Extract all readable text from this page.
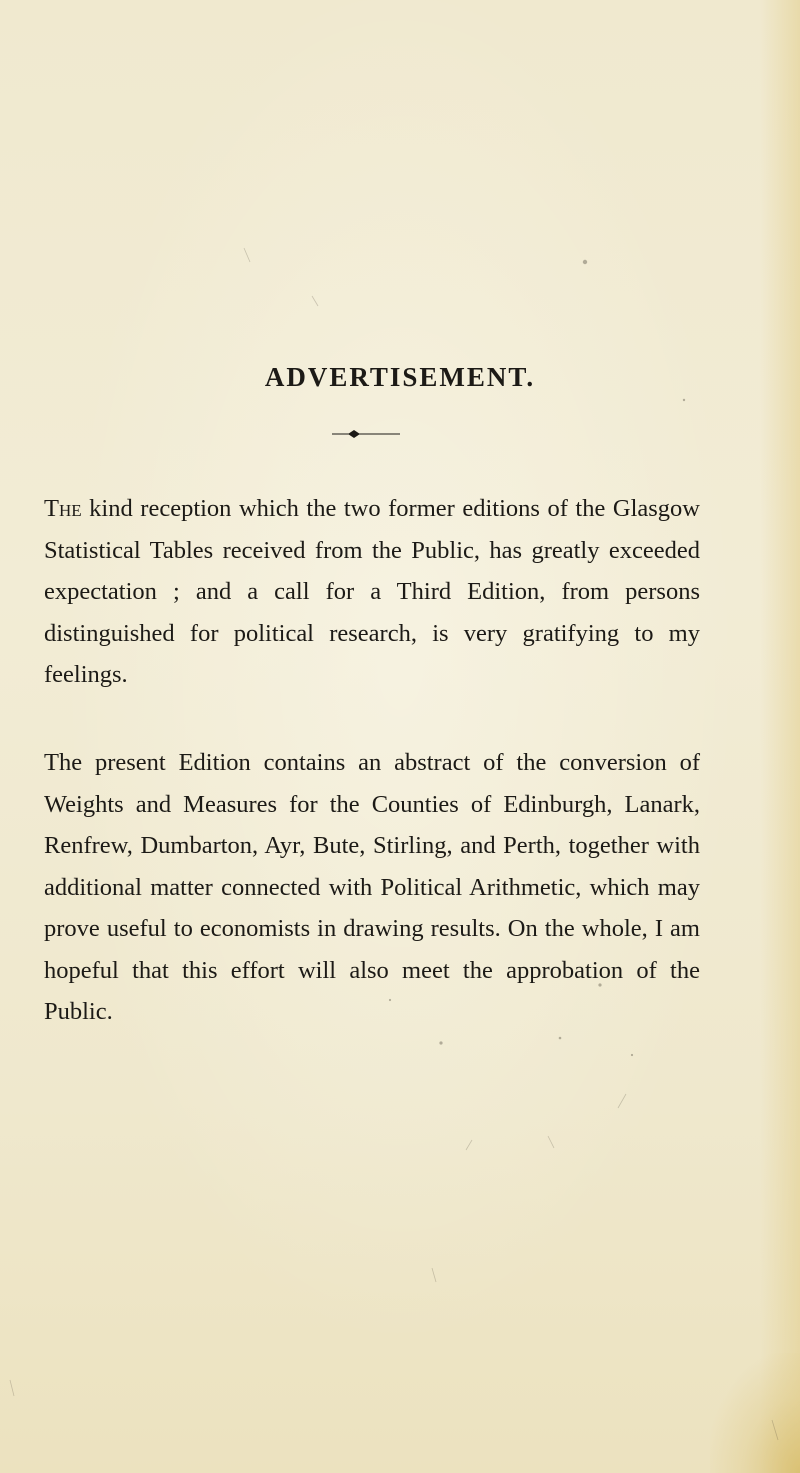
ADVERTISEMENT.

The kind reception which the two former editions of the Glasgow Statistical Tables received from the Public, has greatly exceeded expectation ; and a call for a Third Edition, from persons distinguished for political research, is very gratifying to my feelings.

The present Edition contains an abstract of the conversion of Weights and Measures for the Counties of Edinburgh, Lanark, Renfrew, Dumbarton, Ayr, Bute, Stirling, and Perth, together with additional matter connected with Political Arithmetic, which may prove useful to economists in drawing results. On the whole, I am hopeful that this effort will also meet the approbation of the Public.
